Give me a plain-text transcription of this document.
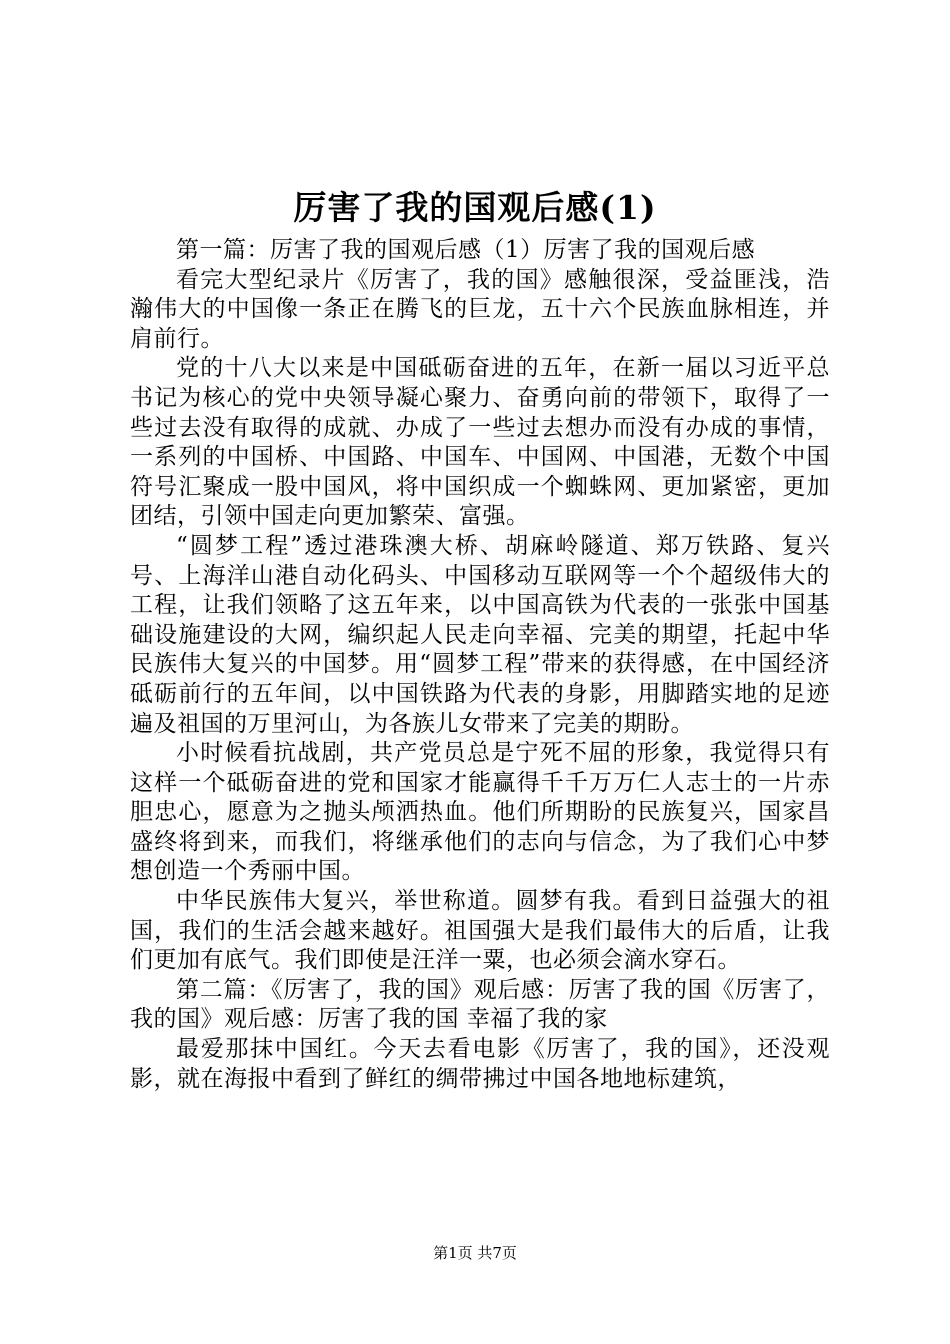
厉害了我的国观后感(1)

第一篇：厉害了我的国观后感（1）厉害了我的国观后感

看完大型纪录片《厉害了，我的国》感触很深，受益匪浅，浩瀚伟大的中国像一条正在腾飞的巨龙，五十六个民族血脉相连，并肩前行。

党的十八大以来是中国砥砺奋进的五年，在新一届以习近平总书记为核心的党中央领导凝心聚力、奋勇向前的带领下，取得了一些过去没有取得的成就、办成了一些过去想办而没有办成的事情，一系列的中国桥、中国路、中国车、中国网、中国港，无数个中国符号汇聚成一股中国风，将中国织成一个蜘蛛网、更加紧密，更加团结，引领中国走向更加繁荣、富强。

“圆梦工程”透过港珠澳大桥、胡麻岭隧道、郑万铁路、复兴号、上海洋山港自动化码头、中国移动互联网等一个个超级伟大的工程，让我们领略了这五年来，以中国高铁为代表的一张张中国基础设施建设的大网，编织起人民走向幸福、完美的期望，托起中华民族伟大复兴的中国梦。用“圆梦工程”带来的获得感，在中国经济砥砺前行的五年间，以中国铁路为代表的身影，用脚踏实地的足迹遍及祖国的万里河山，为各族儿女带来了完美的期盼。

小时候看抗战剧，共产党员总是宁死不屈的形象，我觉得只有这样一个砥砺奋进的党和国家才能赢得千千万万仁人志士的一片赤胆忠心，愿意为之抛头颅洒热血。他们所期盼的民族复兴，国家昌盛终将到来，而我们，将继承他们的志向与信念，为了我们心中梦想创造一个秀丽中国。

中华民族伟大复兴，举世称道。圆梦有我。看到日益强大的祖国，我们的生活会越来越好。祖国强大是我们最伟大的后盾，让我们更加有底气。我们即使是汪洋一粟，也必须会滴水穿石。

第二篇：《厉害了，我的国》观后感：厉害了我的国《厉害了，我的国》观后感：厉害了我的国 幸福了我的家

最爱那抹中国红。今天去看电影《厉害了，我的国》，还没观影，就在海报中看到了鲜红的绸带拂过中国各地地标建筑，

第1页 共7页
